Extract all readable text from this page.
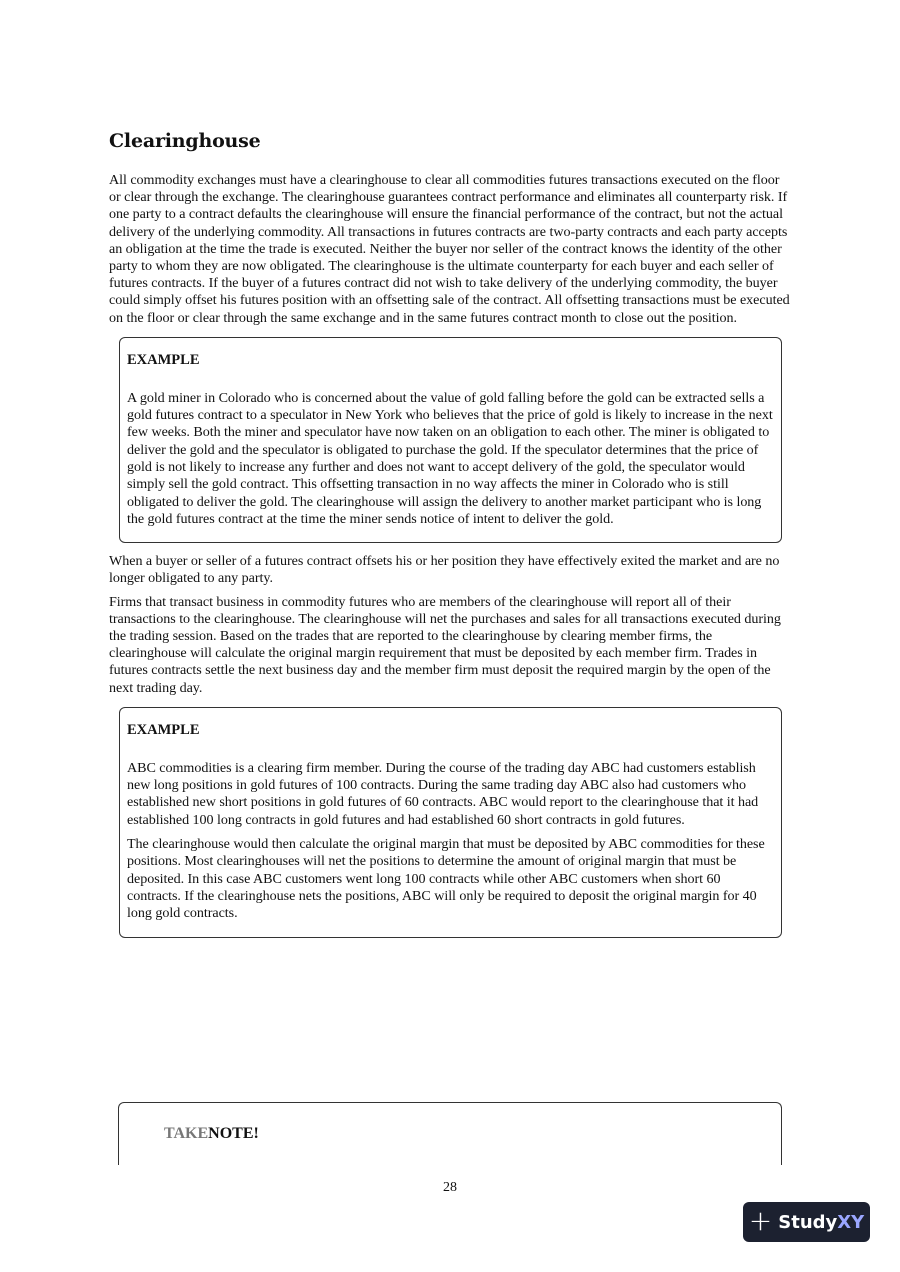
Clearinghouse

All commodity exchanges must have a clearinghouse to clear all commodities futures transactions executed on the floor or clear through the exchange. The clearinghouse guarantees contract performance and eliminates all counterparty risk. If one party to a contract defaults the clearinghouse will ensure the financial performance of the contract, but not the actual delivery of the underlying commodity. All transactions in futures contracts are two-party contracts and each party accepts an obligation at the time the trade is executed. Neither the buyer nor seller of the contract knows the identity of the other party to whom they are now obligated. The clearinghouse is the ultimate counterparty for each buyer and each seller of futures contracts. If the buyer of a futures contract did not wish to take delivery of the underlying commodity, the buyer could simply offset his futures position with an offsetting sale of the contract. All offsetting transactions must be executed on the floor or clear through the same exchange and in the same futures contract month to close out the position.

EXAMPLE

A gold miner in Colorado who is concerned about the value of gold falling before the gold can be extracted sells a gold futures contract to a speculator in New York who believes that the price of gold is likely to increase in the next few weeks. Both the miner and speculator have now taken on an obligation to each other. The miner is obligated to deliver the gold and the speculator is obligated to purchase the gold. If the speculator determines that the price of gold is not likely to increase any further and does not want to accept delivery of the gold, the speculator would simply sell the gold contract. This offsetting transaction in no way affects the miner in Colorado who is still obligated to deliver the gold. The clearinghouse will assign the delivery to another market participant who is long the gold futures contract at the time the miner sends notice of intent to deliver the gold.

When a buyer or seller of a futures contract offsets his or her position they have effectively exited the market and are no longer obligated to any party.

Firms that transact business in commodity futures who are members of the clearinghouse will report all of their transactions to the clearinghouse. The clearinghouse will net the purchases and sales for all transactions executed during the trading session. Based on the trades that are reported to the clearinghouse by clearing member firms, the clearinghouse will calculate the original margin requirement that must be deposited by each member firm. Trades in futures contracts settle the next business day and the member firm must deposit the required margin by the open of the next trading day.

EXAMPLE

ABC commodities is a clearing firm member. During the course of the trading day ABC had customers establish new long positions in gold futures of 100 contracts. During the same trading day ABC also had customers who established new short positions in gold futures of 60 contracts. ABC would report to the clearinghouse that it had established 100 long contracts in gold futures and had established 60 short contracts in gold futures.

The clearinghouse would then calculate the original margin that must be deposited by ABC commodities for these positions. Most clearinghouses will net the positions to determine the amount of original margin that must be deposited. In this case ABC customers went long 100 contracts while other ABC customers when short 60 contracts. If the clearinghouse nets the positions, ABC will only be required to deposit the original margin for 40 long gold contracts.

TAKENOTE!
28
+ StudyXY
